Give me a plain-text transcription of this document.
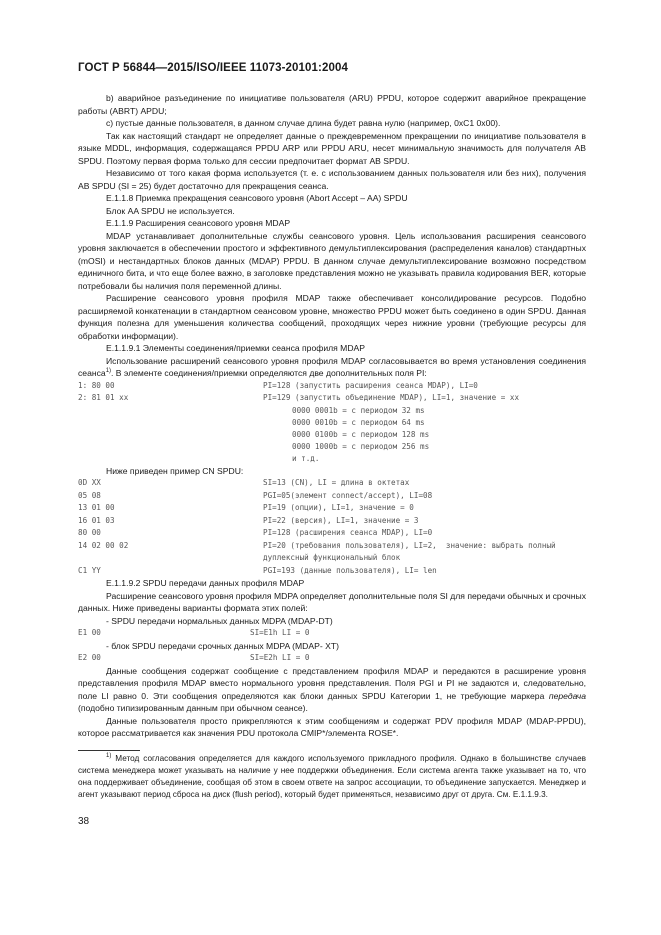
ГОСТ Р 56844—2015/ISO/IEEE 11073-20101:2004

b) аварийное разъединение по инициативе пользователя (ARU) PPDU, которое содержит аварийное прекращение работы (ABRT) APDU;

c) пустые данные пользователя, в данном случае длина будет равна нулю (например, 0xC1 0x00).

Так как настоящий стандарт не определяет данные о преждевременном прекращении по инициативе пользователя в языке MDDL, информация, содержащаяся PPDU ARP или PPDU ARU, несет минимальную значимость для получателя AB SPDU. Поэтому первая форма только для сессии предпочитает формат AB SPDU.

Независимо от того какая форма используется (т. е. с использованием данных пользователя или без них), получения AB SPDU (SI = 25) будет достаточно для прекращения сеанса.

E.1.1.8 Приемка прекращения сеансового уровня (Abort Accept – AA) SPDU

Блок AA SPDU не используется.

E.1.1.9 Расширения сеансового уровня MDAP

MDAP устанавливает дополнительные службы сеансового уровня. Цель использования расширения сеансового уровня заключается в обеспечении простого и эффективного демультиплексирования (распределения каналов) стандартных (mOSI) и нестандартных блоков данных (MDAP) PPDU. В данном случае демультиплексирование возможно посредством единичного бита, и что еще более важно, в заголовке представления можно не указывать правила кодирования BER, которые потребовали бы наличия поля переменной длины.

Расширение сеансового уровня профиля MDAP также обеспечивает консолидирование ресурсов. Подобно расширяемой конкатенации в стандартном сеансовом уровне, множество PPDU может быть соединено в один SPDU. Данная функция полезна для уменьшения количества сообщений, проходящих через нижние уровни (требующие ресурсы для обработки информации).

E.1.1.9.1 Элементы соединения/приемки сеанса профиля MDAP

Использование расширений сеансового уровня профиля MDAP согласовывается во время установления соединения сеанса$^{1)}$. В элементе соединения/приемки определяются две дополнительных поля PI:

1: 80 00	PI=128 (запустить расширения сеанса MDAP), LI=0
2: 81 01 xx	PI=129 (запустить объединение MDAP), LI=1, значение = xx
0000 0001b = с периодом 32 ms
0000 0010b = с периодом 64 ms
0000 0100b = с периодом 128 ms
0000 1000b = с периодом 256 ms
и т.д.

Ниже приведен пример CN SPDU:

0D XX	SI=13 (CN), LI = длина в октетах
05 08	PGI=05(элемент connect/accept), LI=08
13 01 00	PI=19 (опции), LI=1, значение = 0
16 01 03	PI=22 (версия), LI=1, значение = 3
80 00	PI=128 (расширения сеанса MDAP), LI=0
14 02 00 02	PI=20 (требования пользователя), LI=2,  значение: выбрать полный дуплексный функциональный блок
C1 YY	PGI=193 (данные пользователя), LI= len

E.1.1.9.2 SPDU передачи данных профиля MDAP

Расширение сеансового уровня профиля MDPA определяет дополнительные поля SI для передачи обычных и срочных данных. Ниже приведены варианты формата этих полей:

- SPDU передачи нормальных данных MDPA (MDAP-DT)

E1 00	SI=E1h LI = 0

- блок SPDU передачи срочных данных MDPA (MDAP- XT)

E2 00	SI=E2h LI = 0

Данные сообщения содержат сообщение с представлением профиля MDAP и передаются в расширение уровня представления профиля MDAP вместо нормального уровня представления. Поля PGI и PI не задаются и, следовательно, поле LI равно 0. Эти сообщения определяются как блоки данных SPDU Категории 1, не требующие маркера передача (подобно типизированным данным при обычном сеансе).

Данные пользователя просто прикрепляются к этим сообщениям и содержат PDV профиля MDAP (MDAP-PPDU), которое рассматривается как значения PDU протокола CMIP*/элемента ROSE*.

$^{1)}$ Метод согласования определяется для каждого используемого прикладного профиля. Однако в большинстве случаев система менеджера может указывать на наличие у нее поддержки объединения. Если система агента также указывает на то, что она поддерживает объединение, сообщая об этом в своем ответе на запрос ассоциации, то объединение запускается. Менеджер и агент указывают период сброса на диск (flush period), который будет применяться, независимо друг от друга. См. E.1.1.9.3.

38
